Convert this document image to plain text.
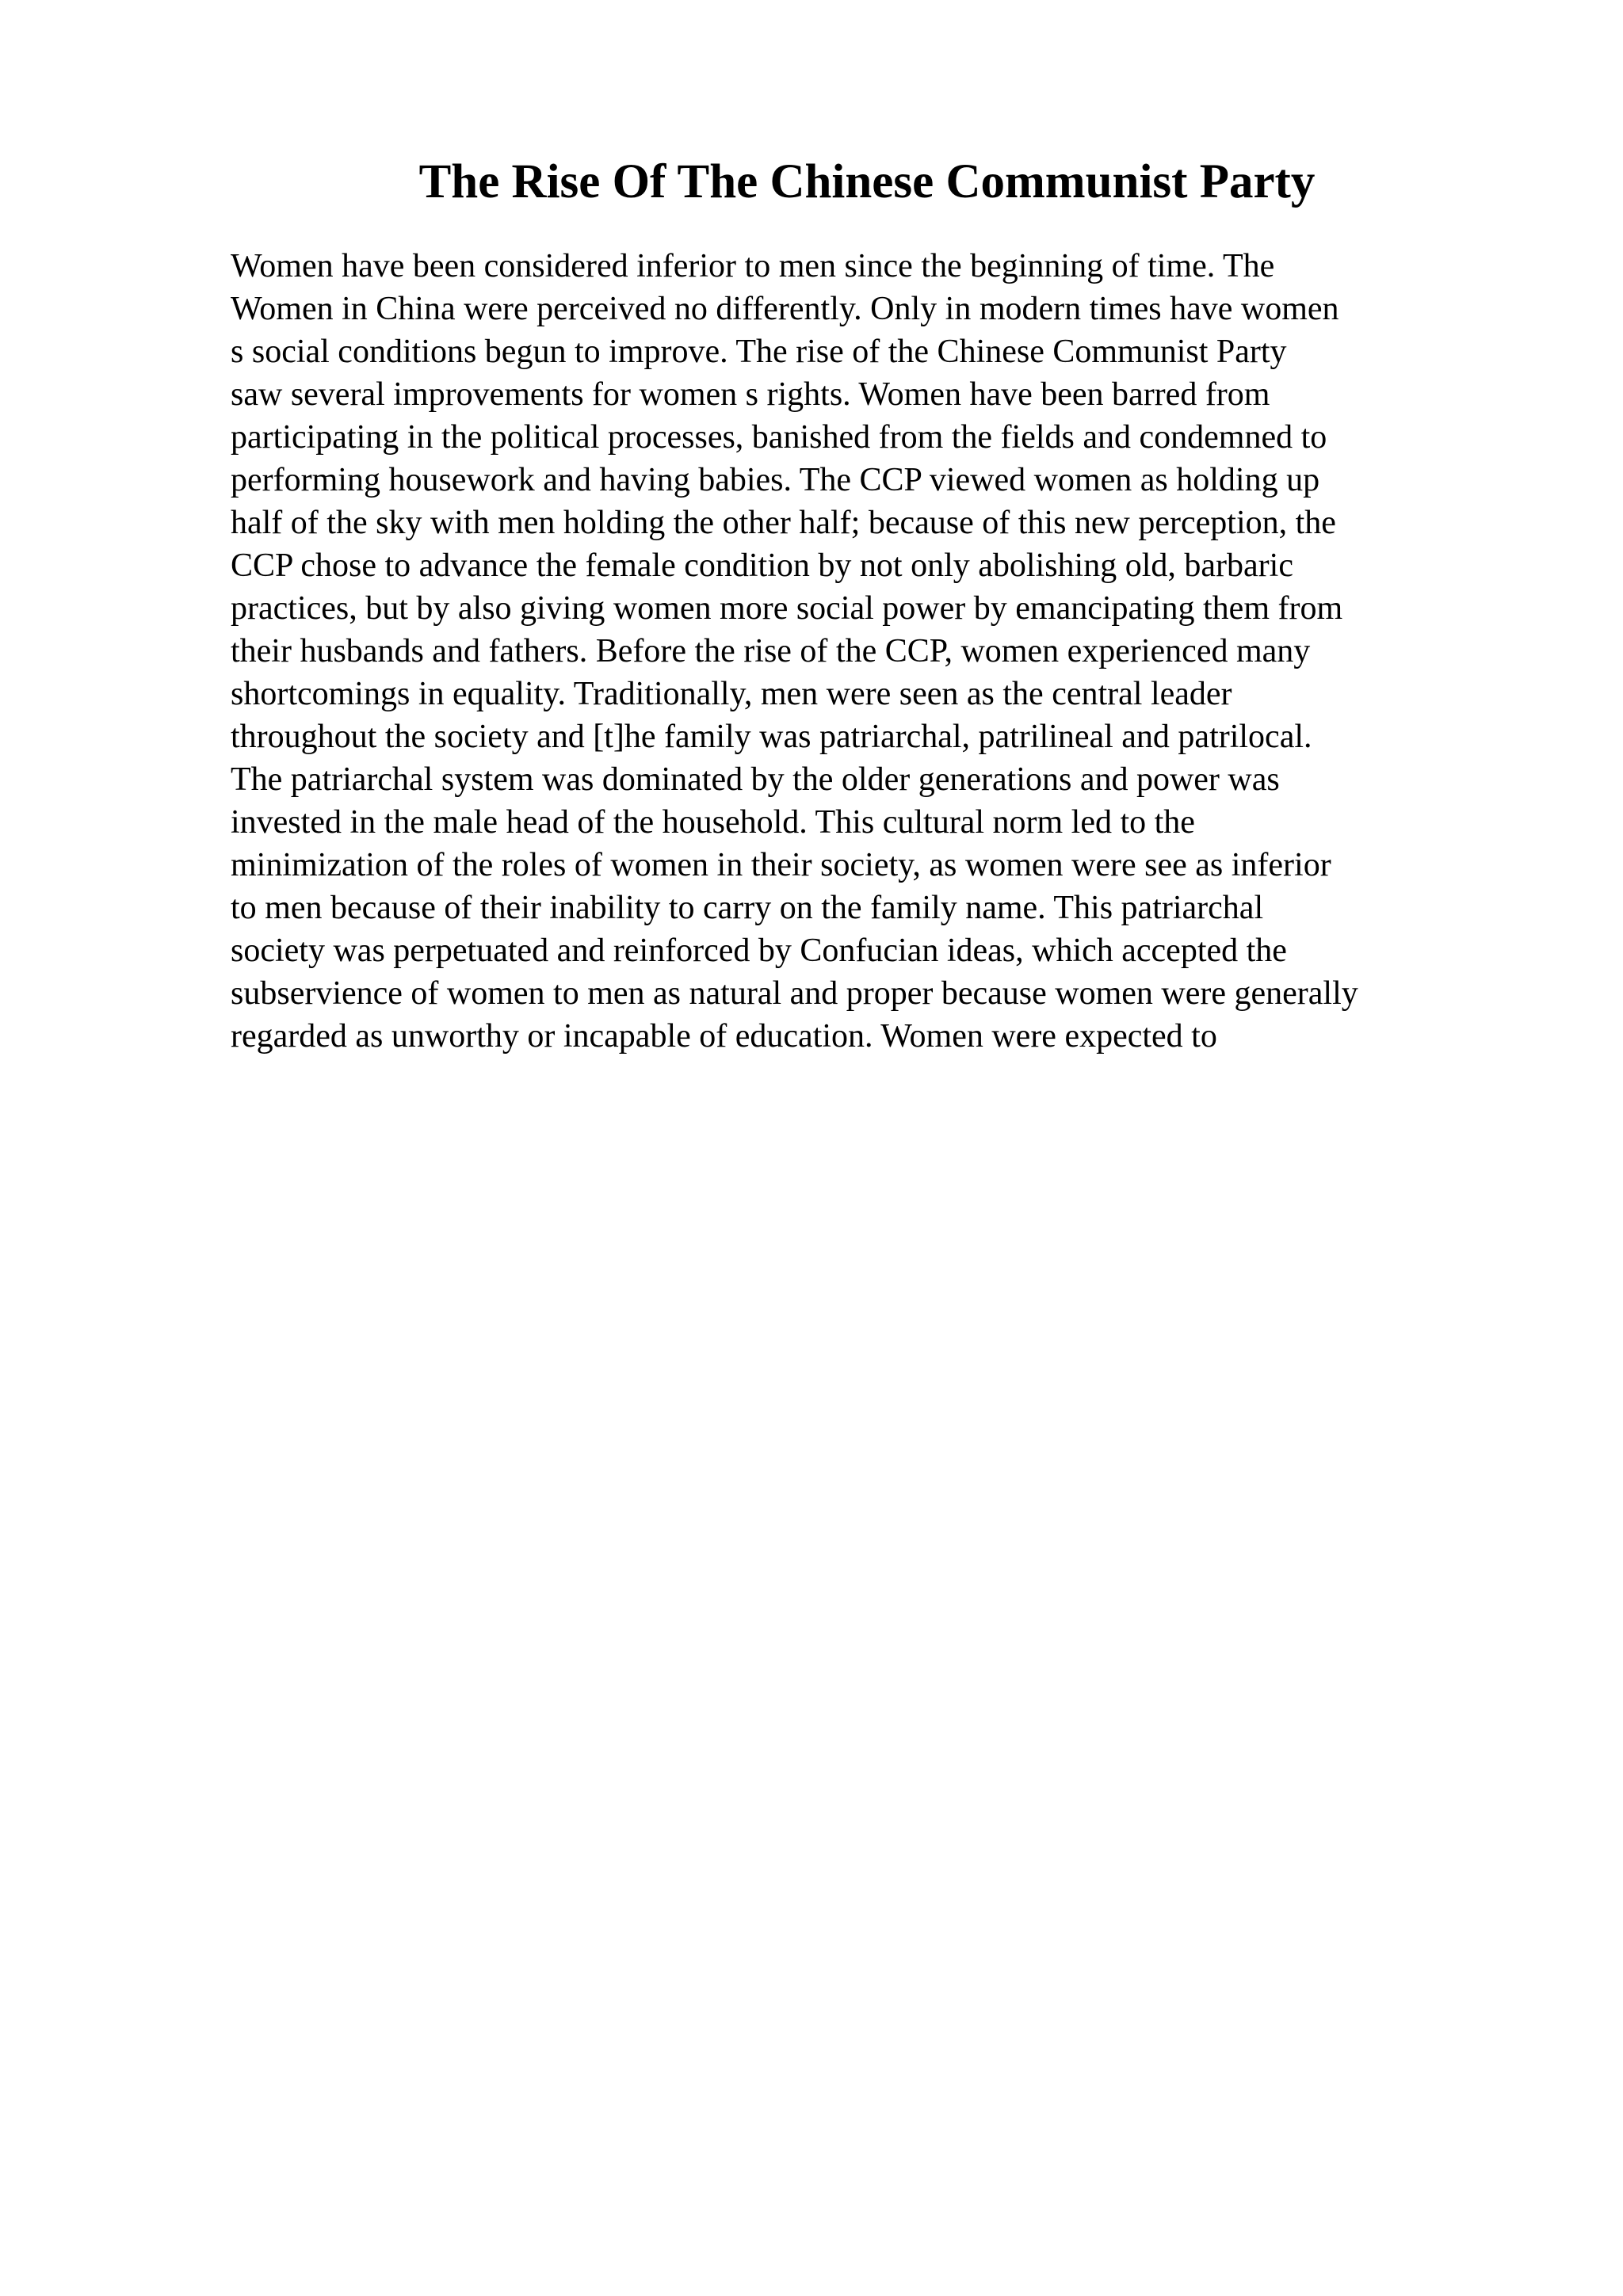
The Rise Of The Chinese Communist Party
Women have been considered inferior to men since the beginning of time. The
Women in China were perceived no differently. Only in modern times have women
s social conditions begun to improve. The rise of the Chinese Communist Party
saw several improvements for women s rights. Women have been barred from
participating in the political processes, banished from the fields and condemned to
performing housework and having babies. The CCP viewed women as holding up
half of the sky with men holding the other half; because of this new perception, the
CCP chose to advance the female condition by not only abolishing old, barbaric
practices, but by also giving women more social power by emancipating them from
their husbands and fathers. Before the rise of the CCP, women experienced many
shortcomings in equality. Traditionally, men were seen as the central leader
throughout the society and [t]he family was patriarchal, patrilineal and patrilocal.
The patriarchal system was dominated by the older generations and power was
invested in the male head of the household. This cultural norm led to the
minimization of the roles of women in their society, as women were see as inferior
to men because of their inability to carry on the family name. This patriarchal
society was perpetuated and reinforced by Confucian ideas, which accepted the
subservience of women to men as natural and proper because women were generally
regarded as unworthy or incapable of education. Women were expected to
